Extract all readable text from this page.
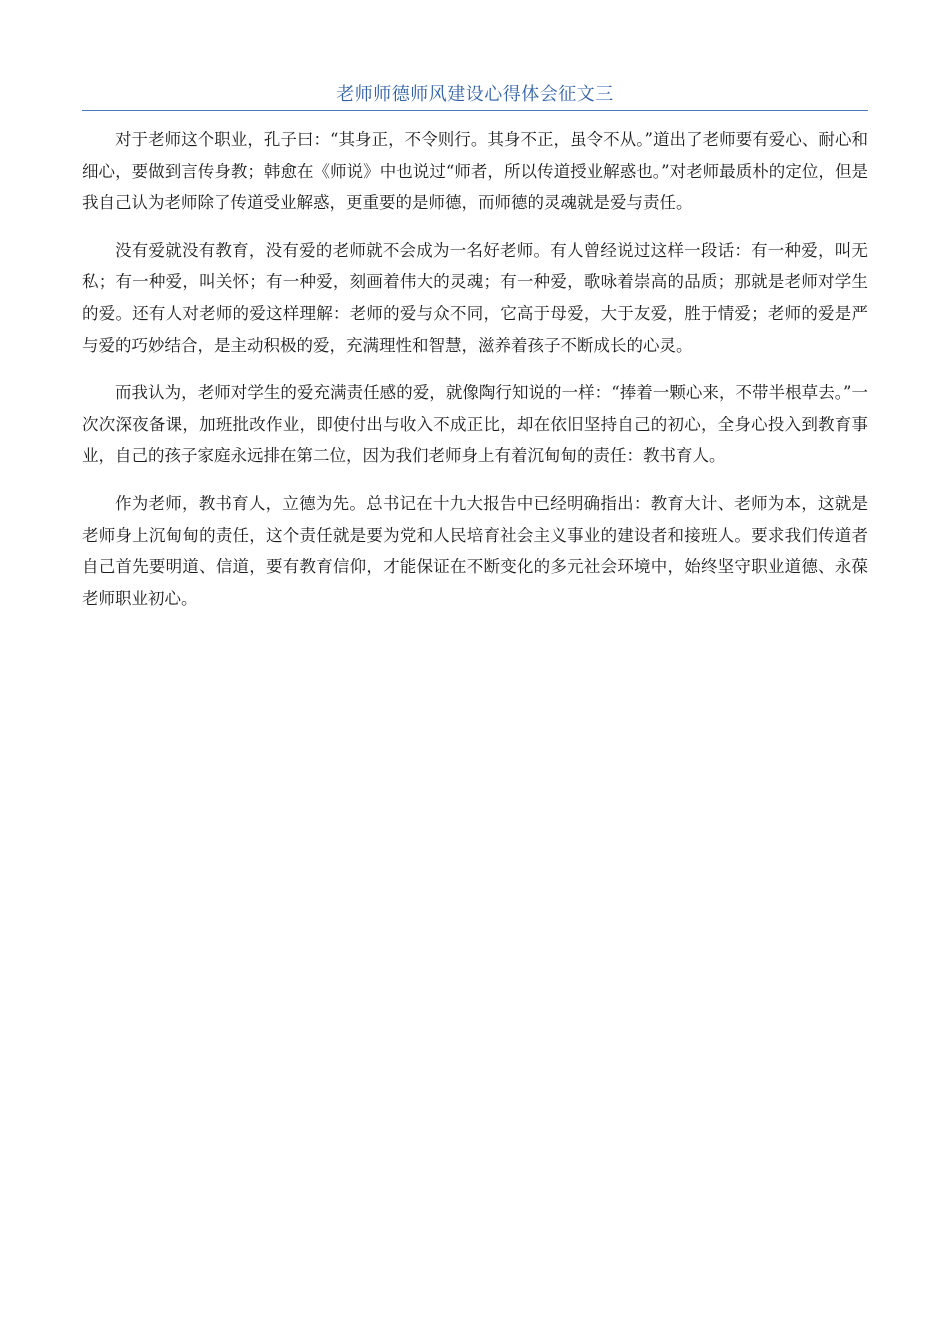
老师师德师风建设心得体会征文三

对于老师这个职业，孔子曰：“其身正，不令则行。其身不正，虽令不从。”道出了老师要有爱心、耐心和细心，要做到言传身教；韩愈在《师说》中也说过“师者，所以传道授业解惑也。”对老师最质朴的定位，但是我自己认为老师除了传道受业解惑，更重要的是师德，而师德的灵魂就是爱与责任。

没有爱就没有教育，没有爱的老师就不会成为一名好老师。有人曾经说过这样一段话：有一种爱，叫无私；有一种爱，叫关怀；有一种爱，刻画着伟大的灵魂；有一种爱，歌咏着崇高的品质；那就是老师对学生的爱。还有人对老师的爱这样理解：老师的爱与众不同，它高于母爱，大于友爱，胜于情爱；老师的爱是严与爱的巧妙结合，是主动积极的爱，充满理性和智慧，滋养着孩子不断成长的心灵。

而我认为，老师对学生的爱充满责任感的爱，就像陶行知说的一样：“捧着一颗心来，不带半根草去。”一次次深夜备课，加班批改作业，即使付出与收入不成正比，却在依旧坚持自己的初心，全身心投入到教育事业，自己的孩子家庭永远排在第二位，因为我们老师身上有着沉甸甸的责任：教书育人。

作为老师，教书育人，立德为先。总书记在十九大报告中已经明确指出：教育大计、老师为本，这就是老师身上沉甸甸的责任，这个责任就是要为党和人民培育社会主义事业的建设者和接班人。要求我们传道者自己首先要明道、信道，要有教育信仰，才能保证在不断变化的多元社会环境中，始终坚守职业道德、永葆老师职业初心。
